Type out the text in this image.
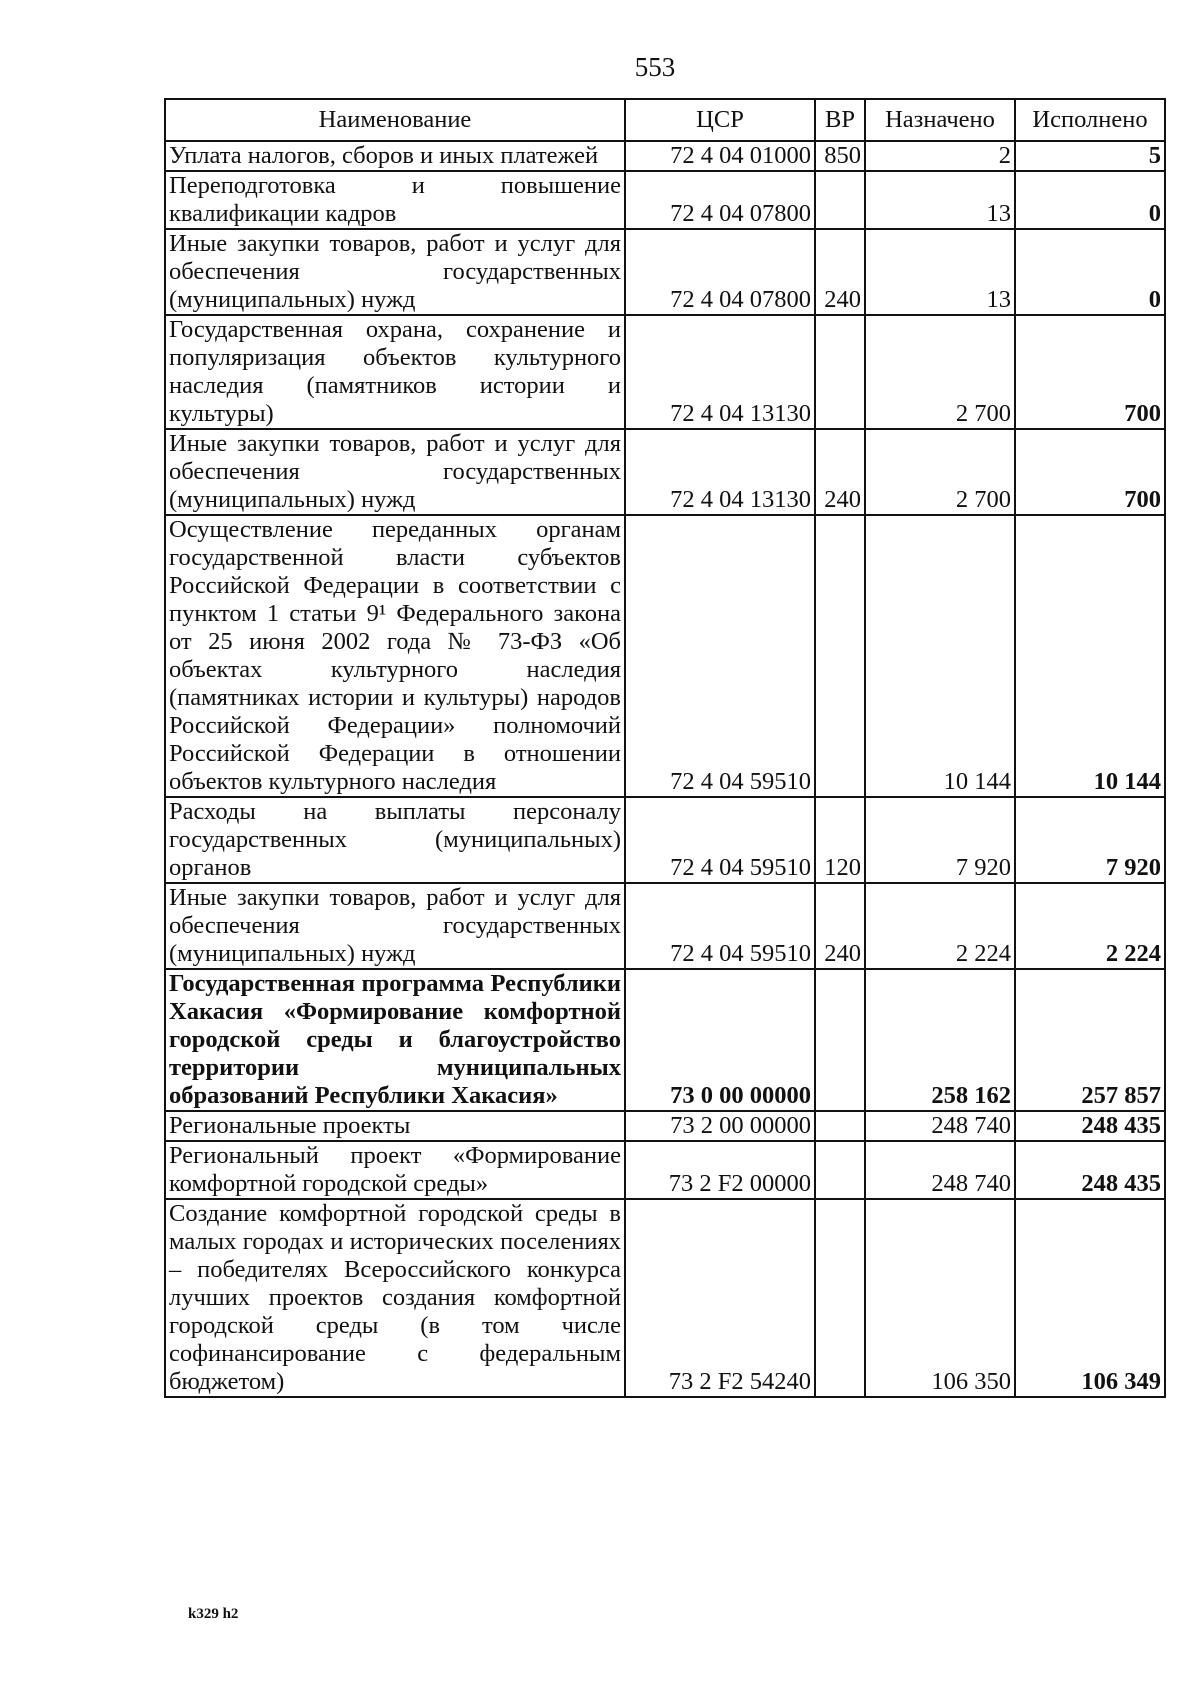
553
Наименование	ЦСР	ВР	Назначено	Исполнено
Уплата налогов, сборов и иных платежей	72 4 04 01000	850	2	5
Переподготовка и повышение квалификации кадров	72 4 04 07800		13	0
Иные закупки товаров, работ и услуг для обеспечения государственных (муниципальных) нужд	72 4 04 07800	240	13	0
Государственная охрана, сохранение и популяризация объектов культурного наследия (памятников истории и культуры)	72 4 04 13130		2 700	700
Иные закупки товаров, работ и услуг для обеспечения государственных (муниципальных) нужд	72 4 04 13130	240	2 700	700
Осуществление переданных органам государственной власти субъектов Российской Федерации в соответствии с пунктом 1 статьи 9¹ Федерального закона от 25 июня 2002 года № 73-ФЗ «Об объектах культурного наследия (памятниках истории и культуры) народов Российской Федерации» полномочий Российской Федерации в отношении объектов культурного наследия	72 4 04 59510		10 144	10 144
Расходы на выплаты персоналу государственных (муниципальных) органов	72 4 04 59510	120	7 920	7 920
Иные закупки товаров, работ и услуг для обеспечения государственных (муниципальных) нужд	72 4 04 59510	240	2 224	2 224
Государственная программа Республики Хакасия «Формирование комфортной городской среды и благоустройство территории муниципальных образований Республики Хакасия»	73 0 00 00000		258 162	257 857
Региональные проекты	73 2 00 00000		248 740	248 435
Региональный проект «Формирование комфортной городской среды»	73 2 F2 00000		248 740	248 435
Создание комфортной городской среды в малых городах и исторических поселениях – победителях Всероссийского конкурса лучших проектов создания комфортной городской среды (в том числе софинансирование с федеральным бюджетом)	73 2 F2 54240		106 350	106 349
k329 h2
